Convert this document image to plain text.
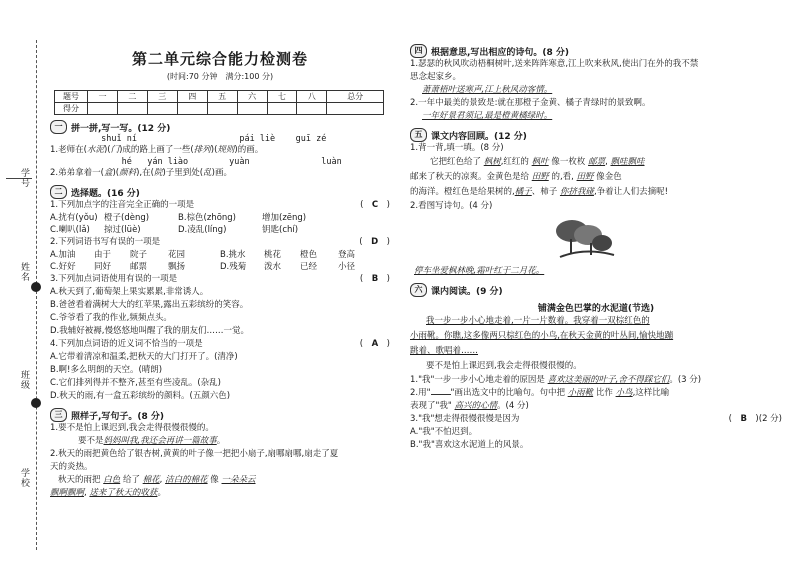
学号
姓名
班级
学校
第二单元综合能力检测卷
(时间:70 分钟　满分:100 分)
题号	一	二	三	四	五	六	七	八	总分
得分									
一 拼一拼,写一写。(12 分)
shuǐ ní                    pái liè    guī zé
1.老师在(水泥)(门)成的路上画了一些(排列)(规则)的画。
hé   yán liào        yuàn              luàn
2.弟弟拿着一(盒)(颜料),在(院)子里到处(乱)画。
二 选择题。(16 分)
1.下列加点字的注音完全正确的一项是	(　C　)
A.扰有(yǒu) 橙子(dèng)	B.棕色(zhōng)	增加(zēng)
C.喇叭(lǎ)	掠过(lüè)	D.凌乱(líng)	钥匙(chí)
2.下列词语书写有误的一项是	(　D　)
A.加油	由于	院子	花园	B.挑水	桃花	橙色	登高
C.好好	同好	邮票	飘扬	D.残菊	泼水	已经	小径
3.下列加点词语使用有误的一项是	(　B　)
A.秋天到了,葡萄架上果实累累,非常诱人。
B.爸爸看着满树大大的红苹果,露出五彩缤纷的笑容。
C.爷爷看了我的作业,频频点头。
D.我辅好被褥,慢悠悠地叫醒了我的朋友们……一觉。
4.下列加点词语的近义词不恰当的一项是	(　A　)
A.它带着清凉和温柔,把秋天的大门打开了。(清净)
B.啊!多么明朗的天空。(晴朗)
C.它们排列得并不整齐,甚至有些凌乱。(杂乱)
D.秋天的雨,有一盒五彩缤纷的颜料。(五颜六色)
三 照样子,写句子。(8 分)
1.要不是怕上课迟到,我会走得很慢很慢的。
要不是妈妈叫我,我还会再讲一篇故事。
2.秋天的雨把黄色给了银杏树,黄黄的叶子像一把把小扇子,扇哪扇哪,扇走了夏
天的炎热。
秋天的雨把 白色 给了 棉花, 洁白的棉花 像 一朵朵云
飘啊飘啊, 送来了秋天的收获。
四 根据意思,写出相应的诗句。(8 分)
1.瑟瑟的秋风吹动梧桐树叶,送来阵阵寒意,江上吹来秋风,使出门在外的我不禁
思念起家乡。
萧萧梧叶送寒声,江上秋风动客情。
2.一年中最美的景致是:就在那橙子金黄、橘子青绿时的景致啊。
一年好景君须记,最是橙黄橘绿时。
五 课文内容回顾。(12 分)
1.背一背,填一填。(8 分)
它把红色给了 枫树,红红的 枫叶 像一枚枚 邮票, 飘哇飘哇
邮来了秋天的凉爽。金黄色是给 田野 的,看, 田野 像金色
的海洋。橙红色是给果树的,橘子、柿子 你挤我碰,争着让人们去摘呢!
2.看图写诗句。(4 分)
停车坐爱枫林晚,霜叶红于二月花。
六 课内阅读。(9 分)
铺满金色巴掌的水泥道(节选)
我一步一步小心地走着,一片一片数着。我穿着一双棕红色的
小雨靴。你瞧,这多像两只棕红色的小鸟,在秋天金黄的叶丛间,愉快地蹦
跳着、歌唱着……
要不是怕上课迟到,我会走得很慢很慢的。
1."我"一步一步小心地走着的原因是 喜欢这美丽的叶子,舍不得踩它们。(3 分)
2.用" "画出选文中的比喻句。句中把 小雨靴 比作 小鸟,这样比喻
表现了"我" 高兴的心情。(4 分)
3."我"想走得很慢很慢是因为	(　B　)(2 分)
A."我"不怕迟到。
B."我"喜欢这水泥道上的风景。
